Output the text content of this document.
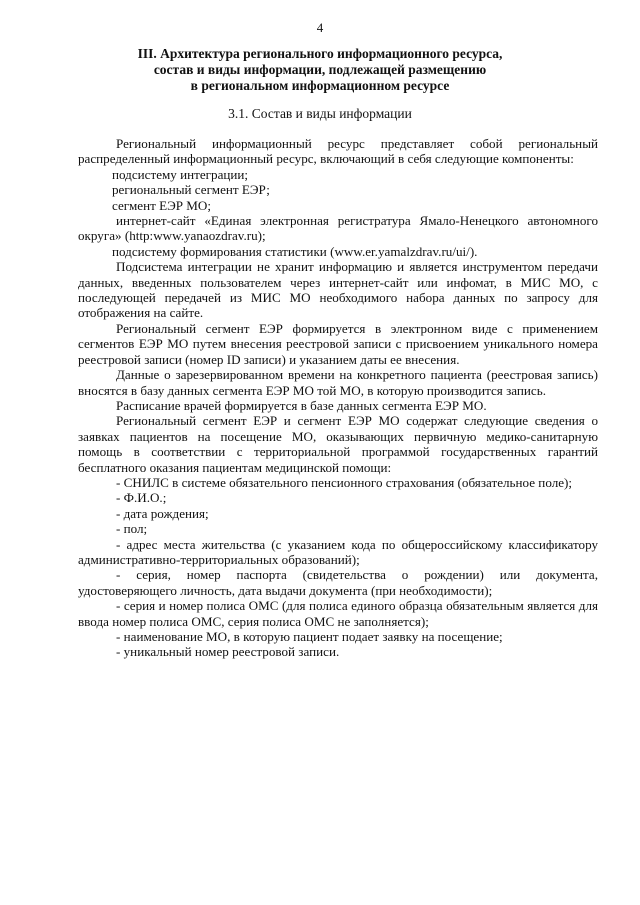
4
III. Архитектура регионального информационного ресурса,
состав и виды информации, подлежащей размещению
в региональном информационном ресурсе
3.1. Состав и виды информации

Региональный информационный ресурс представляет собой региональный распределенный информационный ресурс, включающий в себя следующие компоненты:

подсистему интеграции;

региональный сегмент ЕЭР;

сегмент ЕЭР МО;

интернет-сайт «Единая электронная регистратура Ямало-Ненецкого автономного округа» (http:www.yanaozdrav.ru);

подсистему формирования статистики (www.er.yamalzdrav.ru/ui/).

Подсистема интеграции не хранит информацию и является инструментом передачи данных, введенных пользователем через интернет-сайт или инфомат, в МИС МО, с последующей передачей из МИС МО необходимого набора данных по запросу для отображения на сайте.

Региональный сегмент ЕЭР формируется в электронном виде с применением сегментов ЕЭР МО путем внесения реестровой записи с присвоением уникального номера реестровой записи (номер ID записи) и указанием даты ее внесения.

Данные о зарезервированном времени на конкретного пациента (реестровая запись) вносятся в базу данных сегмента ЕЭР МО той МО, в которую производится запись.

Расписание врачей формируется в базе данных сегмента ЕЭР МО.

Региональный сегмент ЕЭР и сегмент ЕЭР МО содержат следующие сведения о заявках пациентов на посещение МО, оказывающих первичную медико-санитарную помощь в соответствии с территориальной программой государственных гарантий бесплатного оказания пациентам медицинской помощи:

- СНИЛС в системе обязательного пенсионного страхования (обязательное поле);

- Ф.И.О.;

- дата рождения;

- пол;

- адрес места жительства (с указанием кода по общероссийскому классификатору административно-территориальных образований);

- серия, номер паспорта (свидетельства о рождении) или документа, удостоверяющего личность, дата выдачи документа (при необходимости);

- серия и номер полиса ОМС (для полиса единого образца обязательным является для ввода номер полиса ОМС, серия полиса ОМС не заполняется);

- наименование МО, в которую пациент подает заявку на посещение;

- уникальный номер реестровой записи.
